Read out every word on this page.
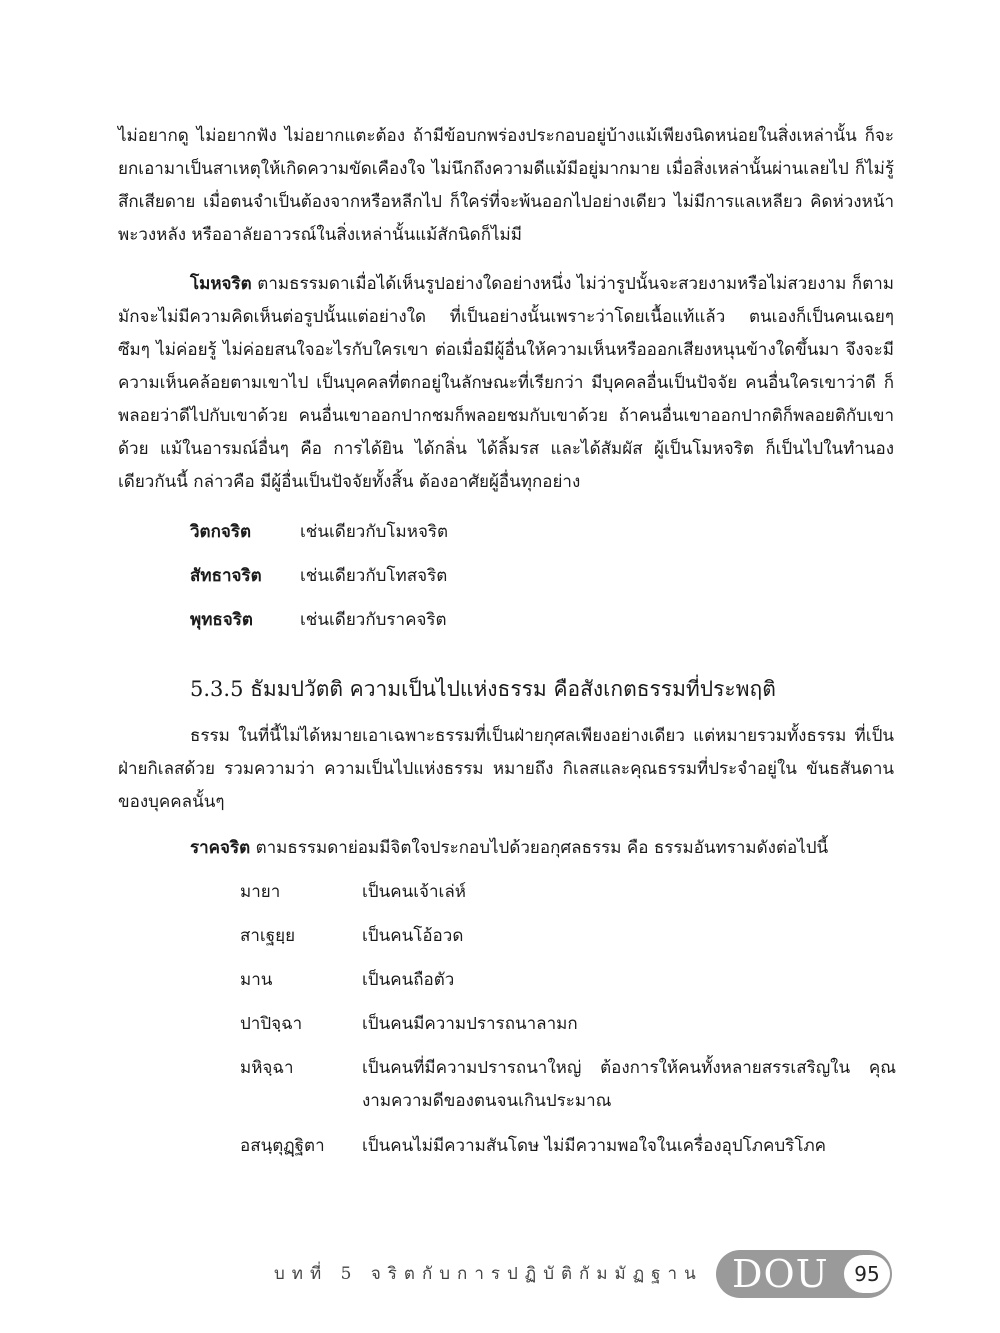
ไม่อยากดู ไม่อยากฟัง ไม่อยากแตะต้อง ถ้ามีข้อบกพร่องประกอบอยู่บ้างแม้เพียงนิดหน่อยในสิ่งเหล่านั้น ก็จะยกเอามาเป็นสาเหตุให้เกิดความขัดเคืองใจ ไม่นึกถึงความดีแม้มีอยู่มากมาย เมื่อสิ่งเหล่านั้นผ่านเลยไป ก็ไม่รู้สึกเสียดาย เมื่อตนจำเป็นต้องจากหรือหลีกไป ก็ใคร่ที่จะพ้นออกไปอย่างเดียว ไม่มีการแลเหลียว คิดห่วงหน้าพะวงหลัง หรืออาลัยอาวรณ์ในสิ่งเหล่านั้นแม้สักนิดก็ไม่มี

โมหจริต ตามธรรมดาเมื่อได้เห็นรูปอย่างใดอย่างหนึ่ง ไม่ว่ารูปนั้นจะสวยงามหรือไม่สวยงาม ก็ตาม มักจะไม่มีความคิดเห็นต่อรูปนั้นแต่อย่างใด ที่เป็นอย่างนั้นเพราะว่าโดยเนื้อแท้แล้ว ตนเองก็เป็นคนเฉยๆ ซึมๆ ไม่ค่อยรู้ ไม่ค่อยสนใจอะไรกับใครเขา ต่อเมื่อมีผู้อื่นให้ความเห็นหรือออกเสียงหนุนข้างใดขึ้นมา จึงจะมี ความเห็นคล้อยตามเขาไป เป็นบุคคลที่ตกอยู่ในลักษณะที่เรียกว่า มีบุคคลอื่นเป็นปัจจัย คนอื่นใครเขาว่าดี ก็พลอยว่าดีไปกับเขาด้วย คนอื่นเขาออกปากชมก็พลอยชมกับเขาด้วย ถ้าคนอื่นเขาออกปากติก็พลอยติกับเขา ด้วย แม้ในอารมณ์อื่นๆ คือ การได้ยิน ได้กลิ่น ได้ลิ้มรส และได้สัมผัส ผู้เป็นโมหจริต ก็เป็นไปในทำนอง เดียวกันนี้ กล่าวคือ มีผู้อื่นเป็นปัจจัยทั้งสิ้น ต้องอาศัยผู้อื่นทุกอย่าง

วิตกจริต	เช่นเดียวกับโมหจริต
สัทธาจริต เช่นเดียวกับโทสจริต
พุทธจริต	เช่นเดียวกับราคจริต
5.3.5 ธัมมปวัตติ ความเป็นไปแห่งธรรม คือสังเกตธรรมที่ประพฤติ

ธรรม ในที่นี้ไม่ได้หมายเอาเฉพาะธรรมที่เป็นฝ่ายกุศลเพียงอย่างเดียว แต่หมายรวมทั้งธรรม ที่เป็นฝ่ายกิเลสด้วย รวมความว่า ความเป็นไปแห่งธรรม หมายถึง กิเลสและคุณธรรมที่ประจำอยู่ใน ขันธสันดานของบุคคลนั้นๆ

ราคจริต ตามธรรมดาย่อมมีจิตใจประกอบไปด้วยอกุศลธรรม คือ ธรรมอันทรามดังต่อไปนี้

มายา	เป็นคนเจ้าเล่ห์
สาเฐยฺย	เป็นคนโอ้อวด
มาน	เป็นคนถือตัว
ปาปิจฺฉา	เป็นคนมีความปรารถนาลามก
มหิจฺฉา	เป็นคนที่มีความปรารถนาใหญ่ ต้องการให้คนทั้งหลายสรรเสริญใน คุณงามความดีของตนจนเกินประมาณ
อสนฺตุฏฺฐิตา	เป็นคนไม่มีความสันโดษ ไม่มีความพอใจในเครื่องอุปโภคบริโภค
บทที่ 5 จริตกับการปฏิบัติกัมมัฏฐาน DOU	95
